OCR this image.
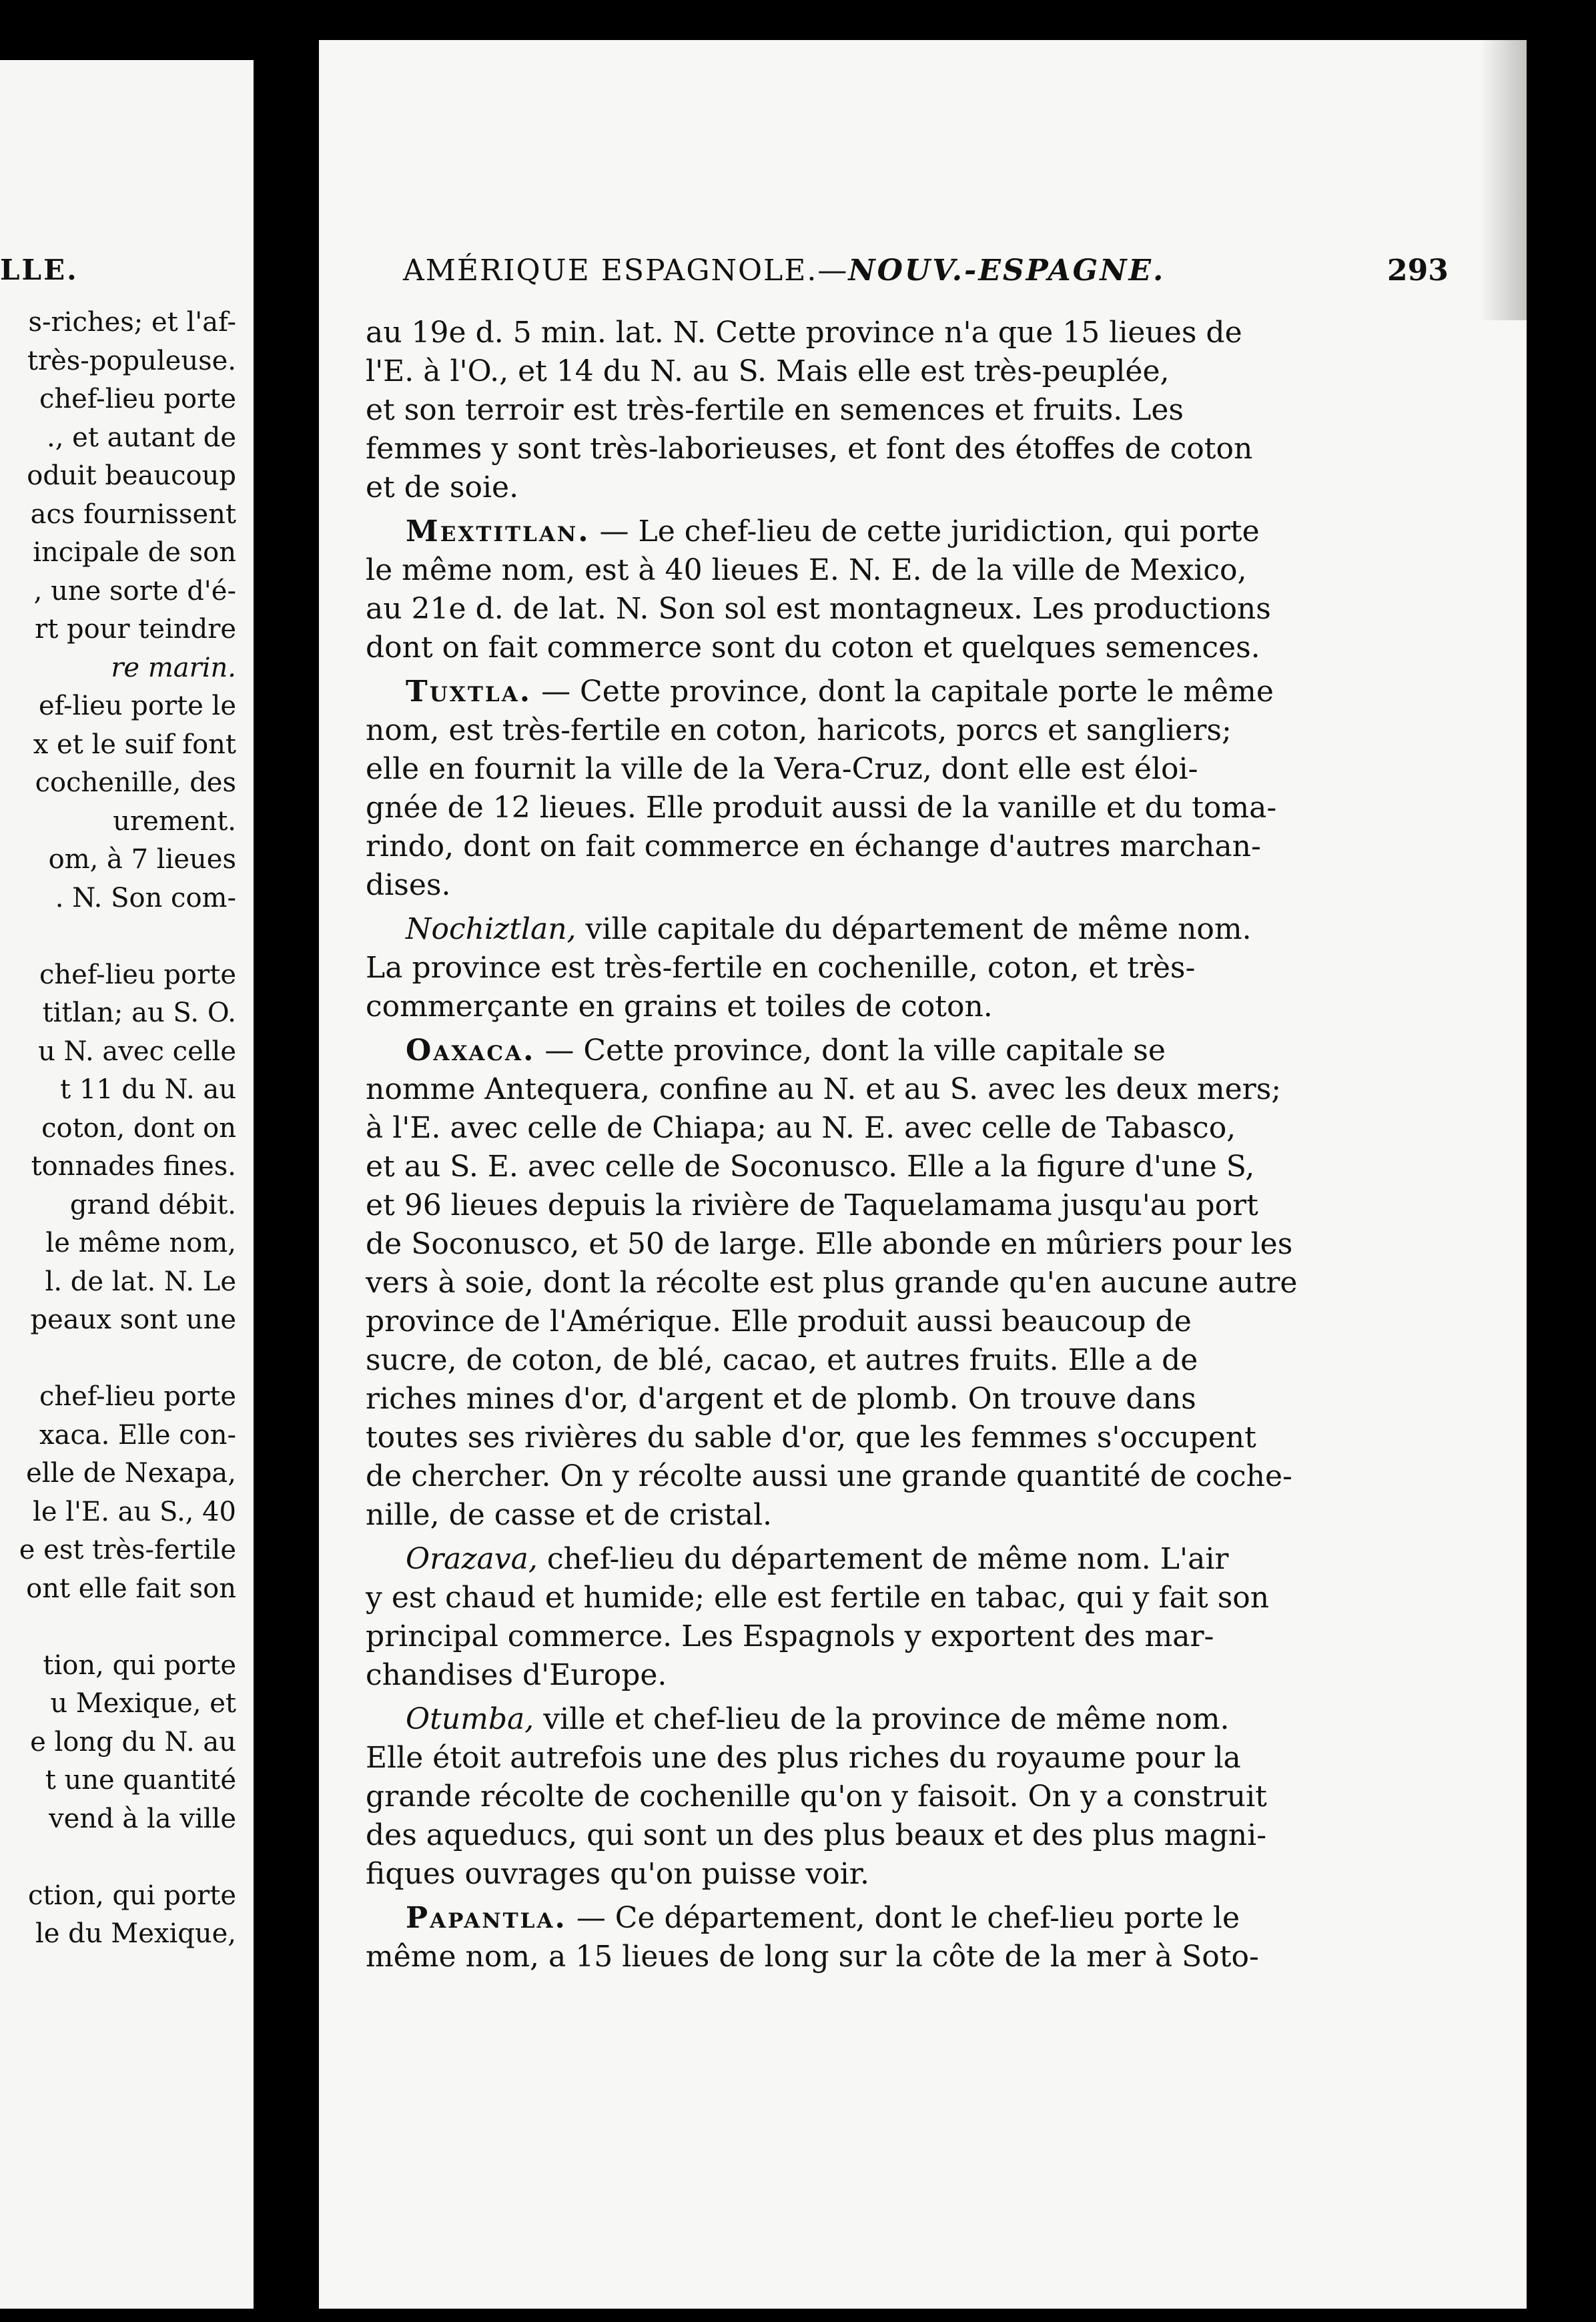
LLE.
s-riches; et l'af-
très-populeuse.
chef-lieu porte
., et autant de
oduit beaucoup
acs fournissent
incipale de son
, une sorte d'é-
rt pour teindre
re marin.
ef-lieu porte le
x et le suif font
cochenille, des
urement.
om, à 7 lieues
. N. Son com-
chef-lieu porte
titlan; au S. O.
u N. avec celle
t 11 du N. au
coton, dont on
tonnades fines.
grand débit.
le même nom,
l. de lat. N. Le
peaux sont une
chef-lieu porte
xaca. Elle con-
elle de Nexapa,
le l'E. au S., 40
e est très-fertile
ont elle fait son
tion, qui porte
u Mexique, et
e long du N. au
t une quantité
vend à la ville
ction, qui porte
le du Mexique,
AMÉRIQUE ESPAGNOLE.—NOUV.-ESPAGNE.	293
au 19e d. 5 min. lat. N. Cette province n'a que 15 lieues de
l'E. à l'O., et 14 du N. au S. Mais elle est très-peuplée,
et son terroir est très-fertile en semences et fruits. Les
femmes y sont très-laborieuses, et font des étoffes de coton
et de soie.
Mextitlan. — Le chef-lieu de cette juridiction, qui porte
le même nom, est à 40 lieues E. N. E. de la ville de Mexico,
au 21e d. de lat. N. Son sol est montagneux. Les productions
dont on fait commerce sont du coton et quelques semences.
Tuxtla. — Cette province, dont la capitale porte le même
nom, est très-fertile en coton, haricots, porcs et sangliers;
elle en fournit la ville de la Vera-Cruz, dont elle est éloi-
gnée de 12 lieues. Elle produit aussi de la vanille et du toma-
rindo, dont on fait commerce en échange d'autres marchan-
dises.
Nochiztlan, ville capitale du département de même nom.
La province est très-fertile en cochenille, coton, et très-
commerçante en grains et toiles de coton.
Oaxaca. — Cette province, dont la ville capitale se
nomme Antequera, confine au N. et au S. avec les deux mers;
à l'E. avec celle de Chiapa; au N. E. avec celle de Tabasco,
et au S. E. avec celle de Soconusco. Elle a la figure d'une S,
et 96 lieues depuis la rivière de Taquelamama jusqu'au port
de Soconusco, et 50 de large. Elle abonde en mûriers pour les
vers à soie, dont la récolte est plus grande qu'en aucune autre
province de l'Amérique. Elle produit aussi beaucoup de
sucre, de coton, de blé, cacao, et autres fruits. Elle a de
riches mines d'or, d'argent et de plomb. On trouve dans
toutes ses rivières du sable d'or, que les femmes s'occupent
de chercher. On y récolte aussi une grande quantité de coche-
nille, de casse et de cristal.
Orazava, chef-lieu du département de même nom. L'air
y est chaud et humide; elle est fertile en tabac, qui y fait son
principal commerce. Les Espagnols y exportent des mar-
chandises d'Europe.
Otumba, ville et chef-lieu de la province de même nom.
Elle étoit autrefois une des plus riches du royaume pour la
grande récolte de cochenille qu'on y faisoit. On y a construit
des aqueducs, qui sont un des plus beaux et des plus magni-
fiques ouvrages qu'on puisse voir.
Papantla. — Ce département, dont le chef-lieu porte le
même nom, a 15 lieues de long sur la côte de la mer à Soto-
